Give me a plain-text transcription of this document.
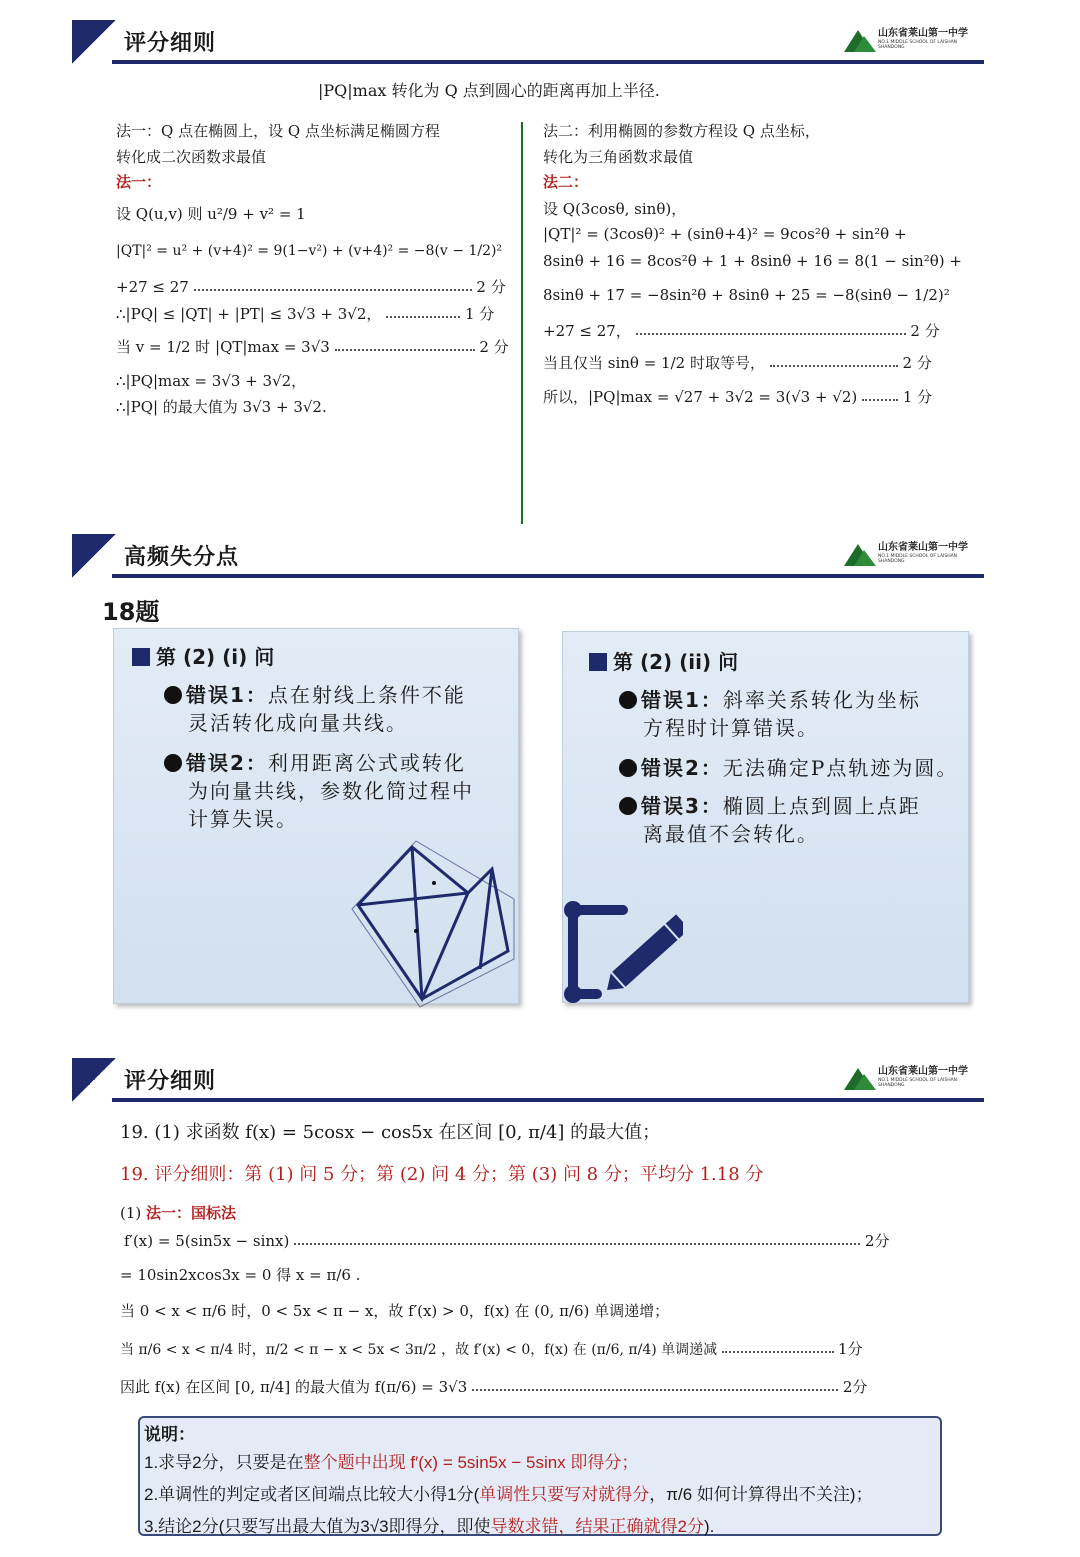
评分细则	山东省莱山第一中学
NO.1 MIDDLE SCHOOL OF LAISHAN SHANDONG
|PQ|max 转化为 Q 点到圆心的距离再加上半径.
法一：Q 点在椭圆上，设 Q 点坐标满足椭圆方程
转化成二次函数求最值
法一：
设 Q(u,v) 则 u²/9 + v² = 1
|QT|² = u² + (v+4)² = 9(1−v²) + (v+4)² = −8(v − 1/2)²
+27 ≤ 27	2 分
∴|PQ| ≤ |QT| + |PT| ≤ 3√3 + 3√2，	1 分
当 v = 1/2 时 |QT|max = 3√3	2 分
∴|PQ|max = 3√3 + 3√2，
∴|PQ| 的最大值为 3√3 + 3√2.
法二：利用椭圆的参数方程设 Q 点坐标，
转化为三角函数求最值
法二：
设 Q(3cosθ, sinθ)，
|QT|² = (3cosθ)² + (sinθ+4)² = 9cos²θ + sin²θ +
8sinθ + 16 = 8cos²θ + 1 + 8sinθ + 16 = 8(1 − sin²θ) +
8sinθ + 17 = −8sin²θ + 8sinθ + 25 = −8(sinθ − 1/2)²
+27 ≤ 27，	2 分
当且仅当 sinθ = 1/2 时取等号，	2 分
所以，|PQ|max = √27 + 3√2 = 3(√3 + √2)	1 分
高频失分点	山东省莱山第一中学
NO.1 MIDDLE SCHOOL OF LAISHAN SHANDONG
18题
第 (2) (i) 问
错误1：点在射线上条件不能
灵活转化成向量共线。
错误2：利用距离公式或转化
为向量共线，参数化简过程中
计算失误。
第 (2) (ii) 问
错误1：斜率关系转化为坐标
方程时计算错误。
错误2：无法确定P点轨迹为圆。
错误3：椭圆上点到圆上点距
离最值不会转化。
评分细则	山东省莱山第一中学
NO.1 MIDDLE SCHOOL OF LAISHAN SHANDONG
19. (1) 求函数 f(x) = 5cosx − cos5x 在区间 [0, π/4] 的最大值；
19. 评分细则：第 (1) 问 5 分；第 (2) 问 4 分；第 (3) 问 8 分；平均分 1.18 分
(1) 法一：国标法
f′(x) = 5(sin5x − sinx)	2分
= 10sin2xcos3x = 0 得 x = π/6 .
当 0 < x < π/6 时，0 < 5x < π − x，故 f′(x) > 0，f(x) 在 (0, π/6) 单调递增；
当 π/6 < x < π/4 时，π/2 < π − x < 5x < 3π/2 ，故 f′(x) < 0，f(x) 在 (π/6, π/4) 单调递减	1分
因此 f(x) 在区间 [0, π/4] 的最大值为 f(π/6) = 3√3	2分
说明：
1.求导2分，只要是在整个题中出现 f′(x) = 5sin5x − 5sinx 即得分；
2.单调性的判定或者区间端点比较大小得1分(单调性只要写对就得分，π/6 如何计算得出不关注)；
3.结论2分(只要写出最大值为3√3即得分，即使导数求错，结果正确就得2分).
